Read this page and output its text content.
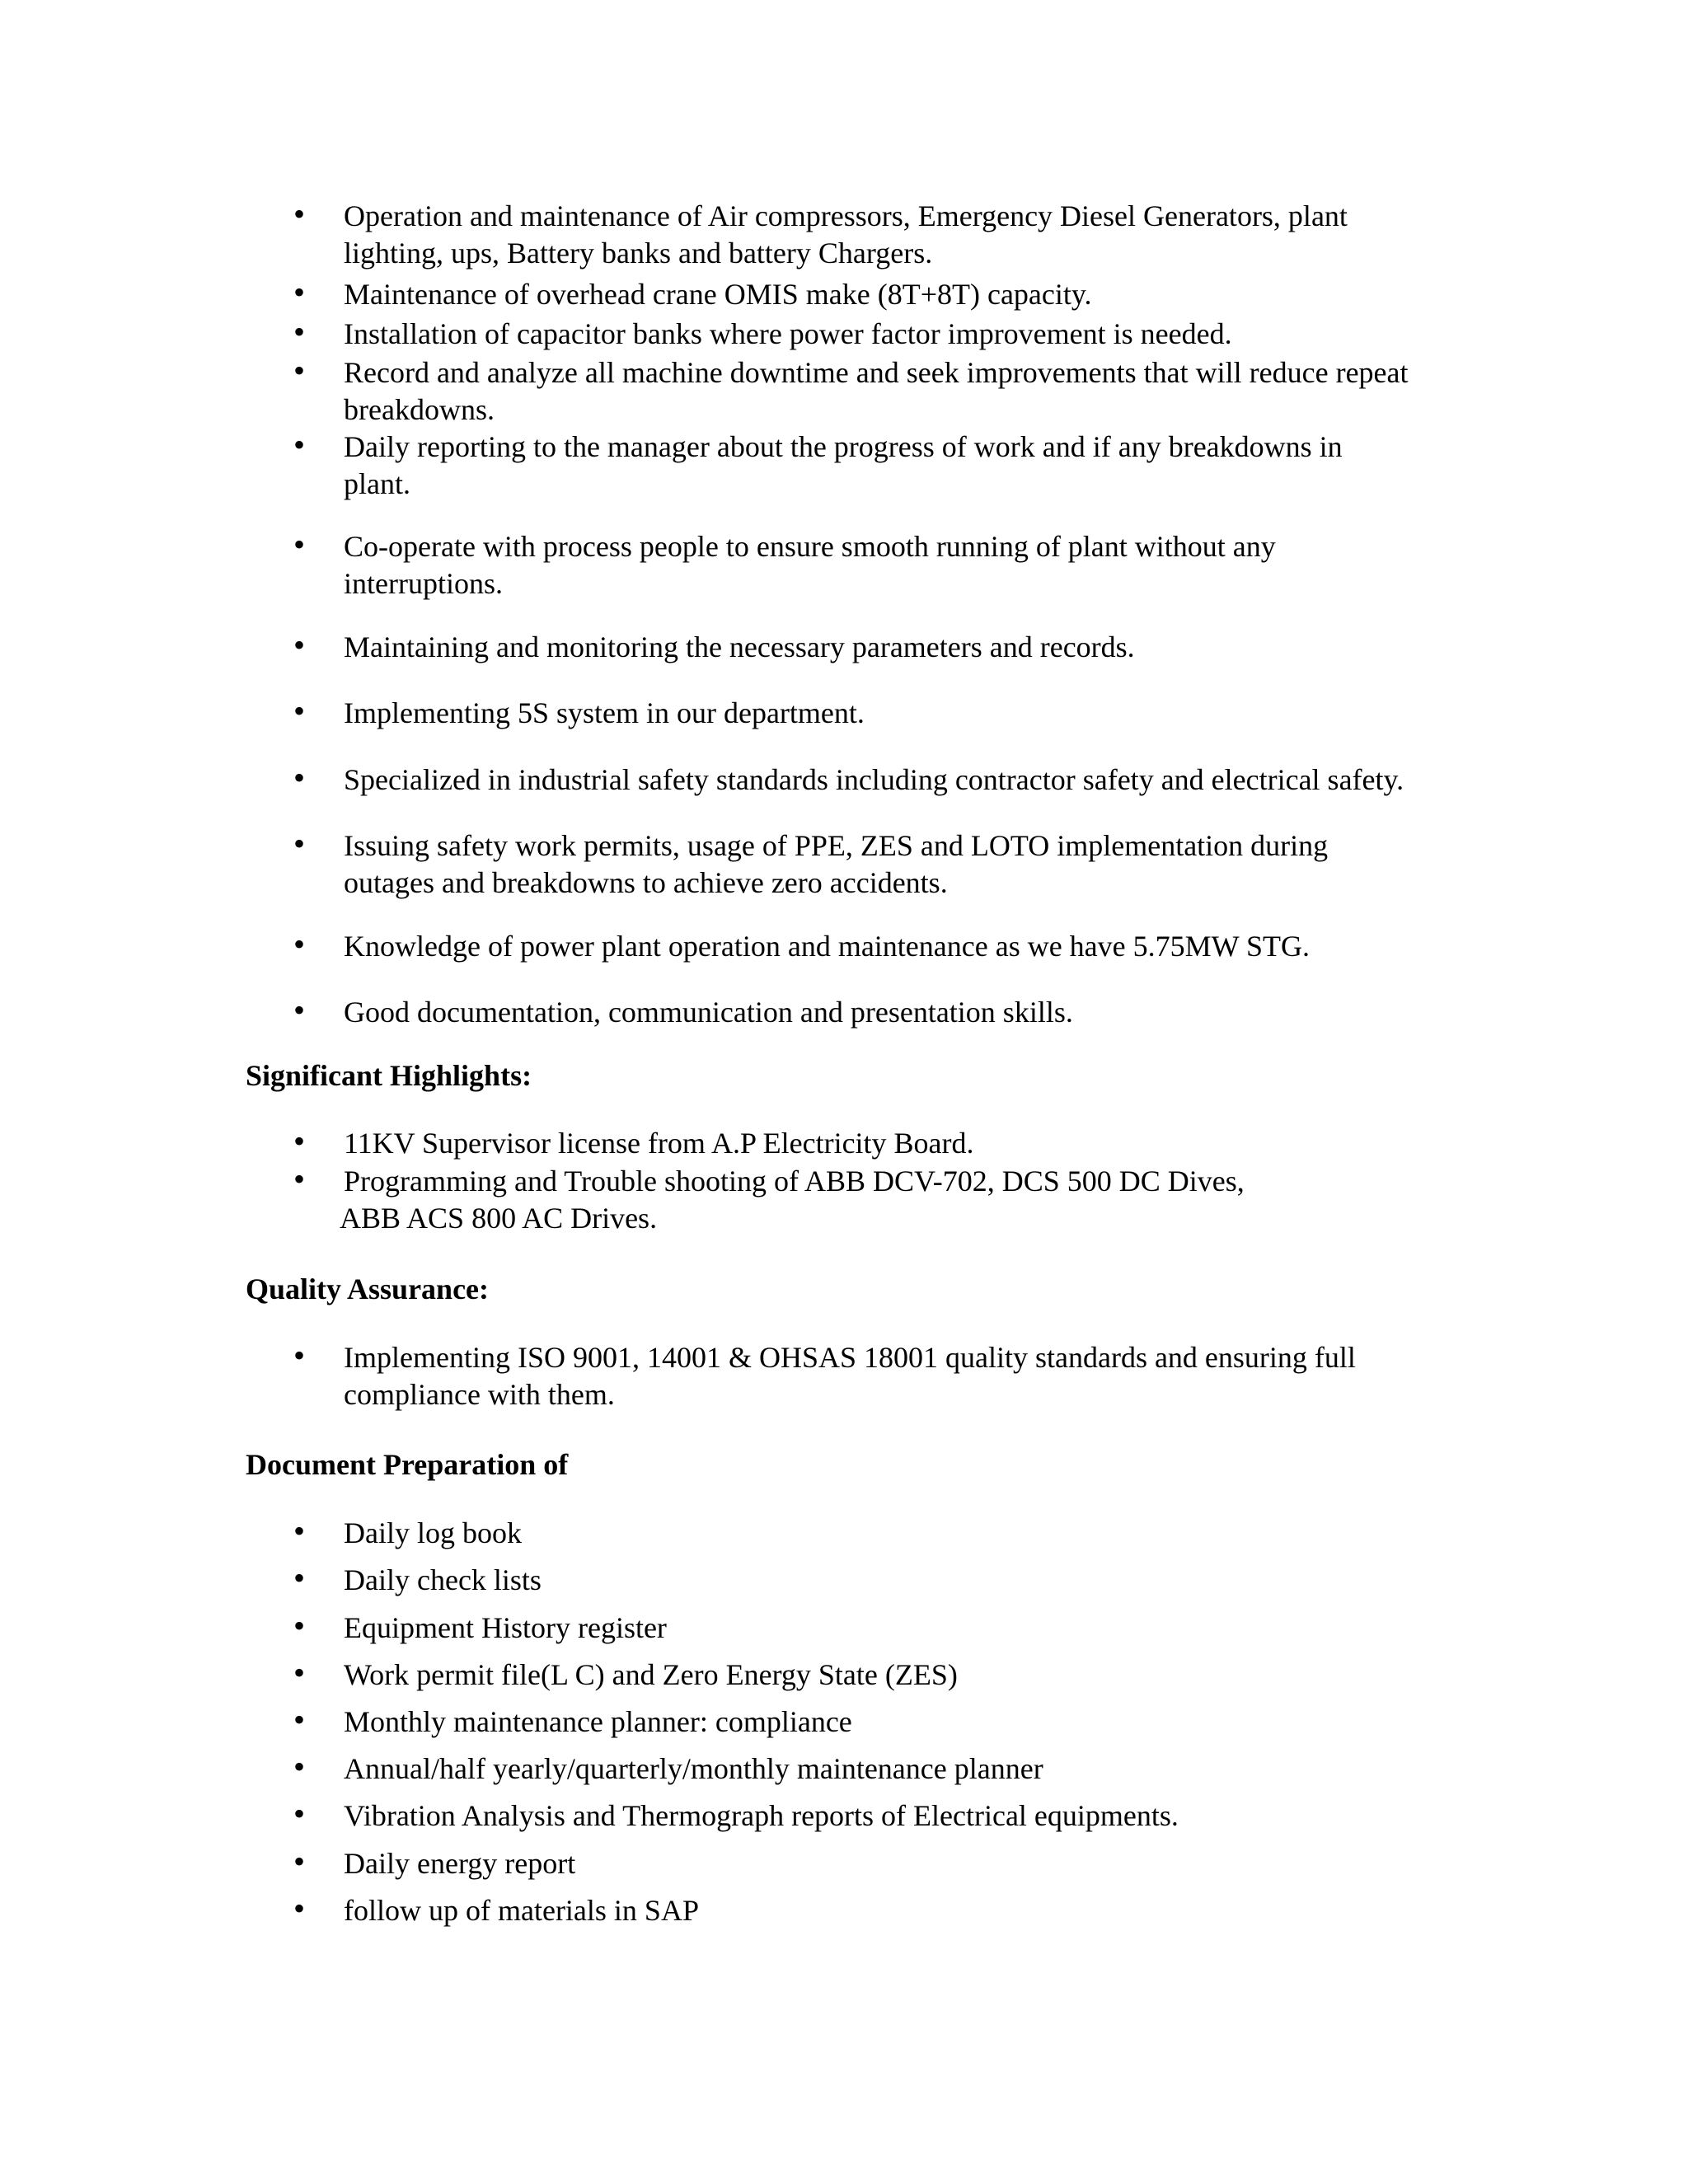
• Operation and maintenance of Air compressors, Emergency Diesel Generators, plant
lighting, ups, Battery banks and battery Chargers.
• Maintenance of overhead crane OMIS make (8T+8T) capacity.
• Installation of capacitor banks where power factor improvement is needed.
• Record and analyze all machine downtime and seek improvements that will reduce repeat
breakdowns.
• Daily reporting to the manager about the progress of work and if any breakdowns in
plant.
• Co-operate with process people to ensure smooth running of plant without any
interruptions.
• Maintaining and monitoring the necessary parameters and records.
• Implementing 5S system in our department.
• Specialized in industrial safety standards including contractor safety and electrical safety.
• Issuing safety work permits, usage of PPE, ZES and LOTO implementation during
outages and breakdowns to achieve zero accidents.
• Knowledge of power plant operation and maintenance as we have 5.75MW STG.
• Good documentation, communication and presentation skills.
Significant Highlights:
• 11KV Supervisor license from A.P Electricity Board.
• Programming and Trouble shooting of ABB DCV-702, DCS 500 DC Dives,
ABB ACS 800 AC Drives.
Quality Assurance:
• Implementing ISO 9001, 14001 & OHSAS 18001 quality standards and ensuring full
compliance with them.
Document Preparation of
• Daily log book
• Daily check lists
• Equipment History register
• Work permit file(L C) and Zero Energy State (ZES)
• Monthly maintenance planner: compliance
• Annual/half yearly/quarterly/monthly maintenance planner
• Vibration Analysis and Thermograph reports of Electrical equipments.
• Daily energy report
• follow up of materials in SAP
